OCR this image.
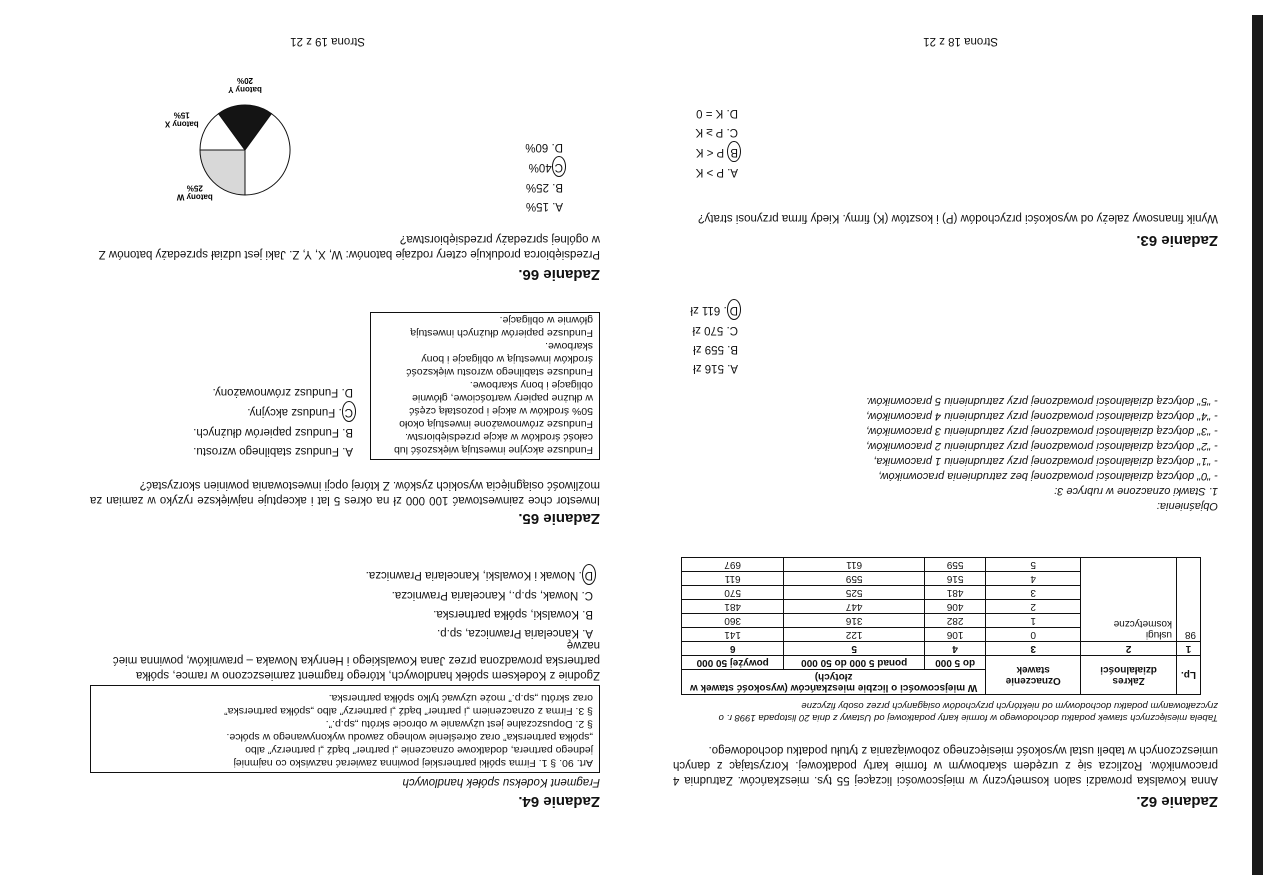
Zadanie 62.
Anna Kowalska prowadzi salon kosmetyczny w miejscowości liczącej 55 tys. mieszkańców. Zatrudnia 4 pracowników. Rozlicza się z urzędem skarbowym w formie karty podatkowej. Korzystając z danych umieszczonych w tabeli ustal wysokość miesięcznego zobowiązania z tytułu podatku dochodowego.
Tabela miesięcznych stawek podatku dochodowego w formie karty podatkowej od Ustawy z dnia 20 listopada 1998 r. o zryczałtowanym podatku dochodowym od niektórych przychodów osiąganych przez osoby fizyczne
Lp.	Zakres działalności	Oznaczenie stawek	W miejscowości o liczbie mieszkańców (wysokość stawek w złotych)		
			do 5 000	ponad 5 000 do 50 000	powyżej 50 000
1	2	3	4	5	6
98	usługi kosmetyczne	0	106	122	141
		1	282	316	360
		2	406	447	481
		3	481	525	570
		4	516	559	611
		5	559	611	697
Objaśnienia:
1. Stawki oznaczone w rubryce 3:
- "0" dotyczą działalności prowadzonej bez zatrudnienia pracowników,
- "1" dotyczą działalności prowadzonej przy zatrudnieniu 1 pracownika,
- "2" dotyczą działalności prowadzonej przy zatrudnieniu 2 pracowników,
- "3" dotyczą działalności prowadzonej przy zatrudnieniu 3 pracowników,
- "4" dotyczą działalności prowadzonej przy zatrudnieniu 4 pracowników,
- "5" dotyczą działalności prowadzonej przy zatrudnieniu 5 pracowników.
A. 516 zł
B. 559 zł
C. 570 zł
D. 611 zł
Zadanie 63.
Wynik finansowy zależy od wysokości przychodów (P) i kosztów (K) firmy. Kiedy firma przynosi straty?
A. P > K
B P < K
C. P ≥ K
D. K = 0
Strona 18 z 21
Zadanie 64.
Fragment Kodeksu spółek handlowych
Art. 90. § 1. Firma spółki partnerskiej powinna zawierać nazwisko co najmniej
jednego partnera, dodatkowe oznaczenie „i partner” bądź „i partnerzy” albo
„spółka partnerska” oraz określenie wolnego zawodu wykonywanego w spółce.
§ 2. Dopuszczalne jest używanie w obrocie skrótu „sp.p.”.
§ 3. Firma z oznaczeniem „i partner” bądź „i partnerzy” albo „spółka partnerska”
oraz skrótu „sp.p.” może używać tylko spółka partnerska.
Zgodnie z Kodeksem spółek handlowych, którego fragment zamieszczono w ramce, spółka partnerska prowadzona przez Jana Kowalskiego i Henryka Nowaka – prawników, powinna mieć nazwę
A. Kancelaria Prawnicza, sp.p.
B. Kowalski, spółka partnerska.
C. Nowak, sp.p., Kancelaria Prawnicza.
D. Nowak i Kowalski, Kancelaria Prawnicza.
Zadanie 65.
Inwestor chce zainwestować 100 000 zł na okres 5 lat i akceptuje największe ryzyko w zamian za możliwość osiągnięcia wysokich zysków. Z której opcji inwestowania powinien skorzystać?
Fundusze akcyjne inwestują większość lub
całość środków w akcje przedsiębiorstw.
Fundusze zrównoważone inwestują około
50% środków w akcje i pozostałą część
w dłużne papiery wartościowe, głównie
obligacje i bony skarbowe.
Fundusze stabilnego wzrostu większość
środków inwestują w obligacje i bony skarbowe.
Fundusze papierów dłużnych inwestują
głównie w obligacje.
A. Fundusz stabilnego wzrostu.
B. Fundusz papierów dłużnych.
C. Fundusz akcyjny.
D. Fundusz zrównoważony.
Zadanie 66.
Przedsiębiorca produkuje cztery rodzaje batonów: W, X, Y, Z. Jaki jest udział sprzedaży batonów Z w ogólnej sprzedaży przedsiębiorstwa?
A. 15%
B. 25%
C40%
D. 60%
batony W
25%
batony X
15%
batony Y
20%
Strona 19 z 21
